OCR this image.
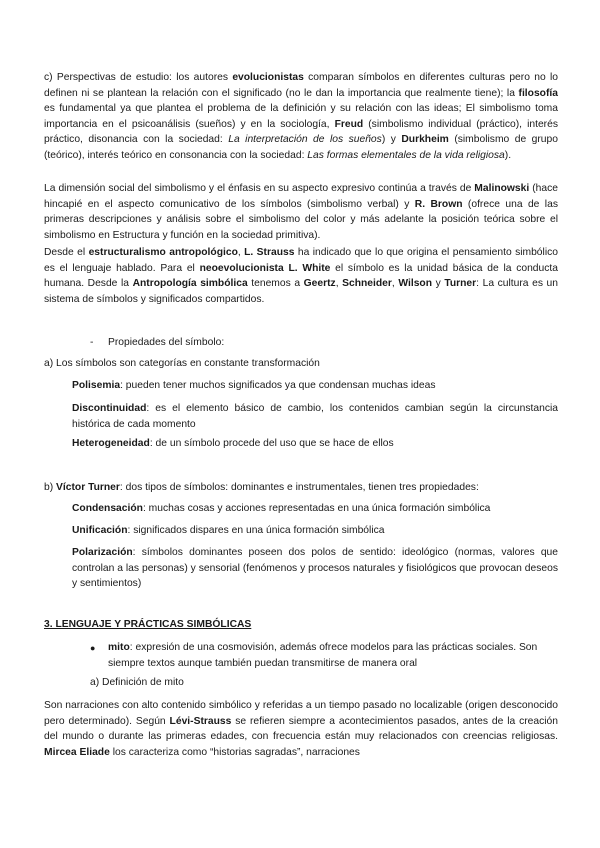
c) Perspectivas de estudio: los autores evolucionistas comparan símbolos en diferentes culturas pero no lo definen ni se plantean la relación con el significado (no le dan la importancia que realmente tiene); la filosofía es fundamental ya que plantea el problema de la definición y su relación con las ideas; El simbolismo toma importancia en el psicoanálisis (sueños) y en la sociología, Freud (simbolismo individual (práctico), interés práctico, disonancia con la sociedad: La interpretación de los sueños) y Durkheim (simbolismo de grupo (teórico), interés teórico en consonancia con la sociedad: Las formas elementales de la vida religiosa).

La dimensión social del simbolismo y el énfasis en su aspecto expresivo continúa a través de Malinowski (hace hincapié en el aspecto comunicativo de los símbolos (simbolismo verbal) y R. Brown (ofrece una de las primeras descripciones y análisis sobre el simbolismo del color y más adelante la posición teórica sobre el simbolismo en Estructura y función en la sociedad primitiva).

Desde el estructuralismo antropológico, L. Strauss ha indicado que lo que origina el pensamiento simbólico es el lenguaje hablado. Para el neoevolucionista L. White el símbolo es la unidad básica de la conducta humana. Desde la Antropología simbólica tenemos a Geertz, Schneider, Wilson y Turner: La cultura es un sistema de símbolos y significados compartidos.

- Propiedades del símbolo:

a) Los símbolos son categorías en constante transformación

Polisemia: pueden tener muchos significados ya que condensan muchas ideas

Discontinuidad: es el elemento básico de cambio, los contenidos cambian según la circunstancia histórica de cada momento

Heterogeneidad: de un símbolo procede del uso que se hace de ellos

b) Víctor Turner: dos tipos de símbolos: dominantes e instrumentales, tienen tres propiedades:

Condensación: muchas cosas y acciones representadas en una única formación simbólica

Unificación: significados dispares en una única formación simbólica

Polarización: símbolos dominantes poseen dos polos de sentido: ideológico (normas, valores que controlan a las personas) y sensorial (fenómenos y procesos naturales y fisiológicos que provocan deseos y sentimientos)

3. LENGUAJE Y PRÁCTICAS SIMBÓLICAS

● mito: expresión de una cosmovisión, además ofrece modelos para las prácticas sociales. Son siempre textos aunque también puedan transmitirse de manera oral

a) Definición de mito

Son narraciones con alto contenido simbólico y referidas a un tiempo pasado no localizable (origen desconocido pero determinado). Según Lévi-Strauss se refieren siempre a acontecimientos pasados, antes de la creación del mundo o durante las primeras edades, con frecuencia están muy relacionados con creencias religiosas. Mircea Eliade los caracteriza como “historias sagradas”, narraciones
